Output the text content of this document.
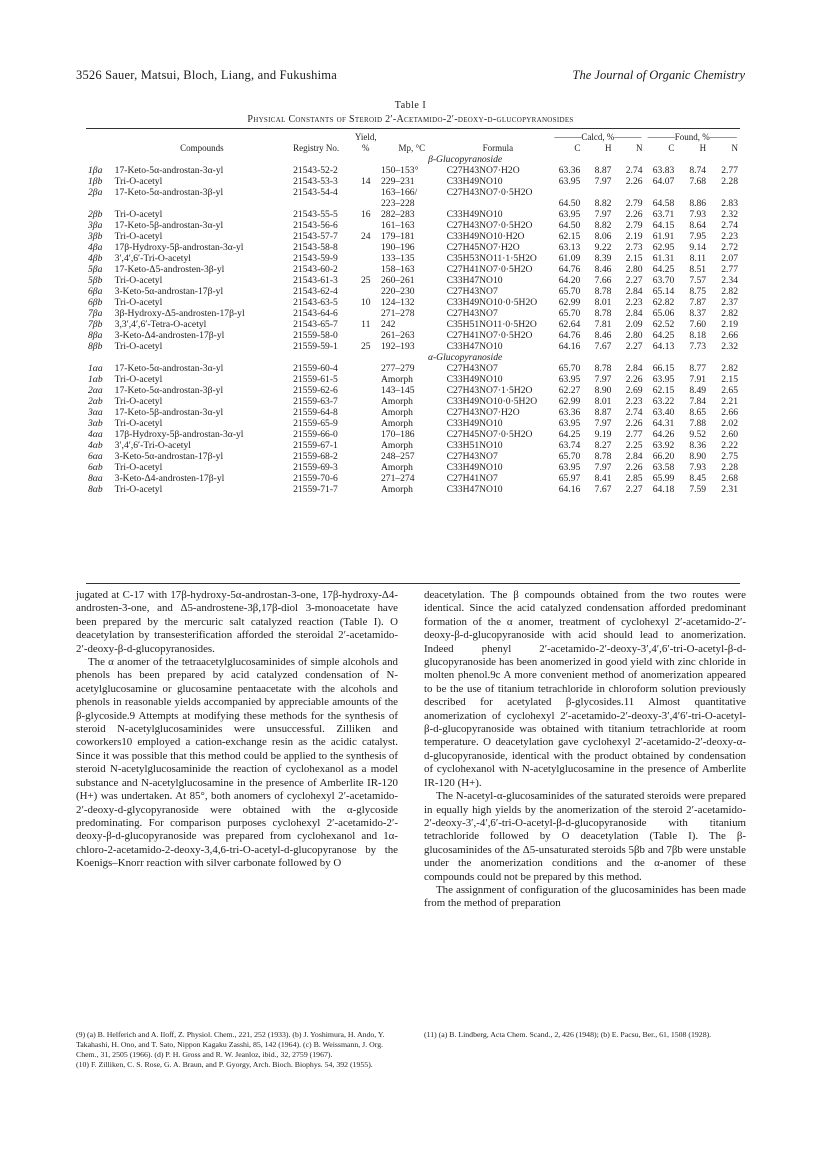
3526 Sauer, Matsui, Bloch, Liang, and Fukushima	The Journal of Organic Chemistry
Table I
Physical Constants of Steroid 2′-Acetamido-2′-deoxy-d-glucopyranosides
			Yield,			———Calcd, %———			———Found, %———		
	Compounds	Registry No.	%	Mp, °C	Formula	C	H	N	C	H	N
				β-Glucopyranoside							
1βa	17-Keto-5α-androstan-3α-yl	21543-52-2		150–153°	C27H43NO7·H2O	63.36	8.87	2.74	63.83	8.74	2.77
1βb	Tri-O-acetyl	21543-53-3	14	229–231	C33H49NO10	63.95	7.97	2.26	64.07	7.68	2.28
2βa	17-Keto-5α-androstan-3β-yl	21543-54-4		163–166/	C27H43NO7·0·5H2O						
				223–228		64.50	8.82	2.79	64.58	8.86	2.83
2βb	Tri-O-acetyl	21543-55-5	16	282–283	C33H49NO10	63.95	7.97	2.26	63.71	7.93	2.32
3βa	17-Keto-5β-androstan-3α-yl	21543-56-6		161–163	C27H43NO7·0·5H2O	64.50	8.82	2.79	64.15	8.64	2.74
3βb	Tri-O-acetyl	21543-57-7	24	179–181	C33H49NO10·H2O	62.15	8.06	2.19	61.91	7.95	2.23
4βa	17β-Hydroxy-5β-androstan-3α-yl	21543-58-8		190–196	C27H45NO7·H2O	63.13	9.22	2.73	62.95	9.14	2.72
4βb	3′,4′,6′-Tri-O-acetyl	21543-59-9		133–135	C35H53NO11·1·5H2O	61.09	8.39	2.15	61.31	8.11	2.07
5βa	17-Keto-Δ5-androsten-3β-yl	21543-60-2		158–163	C27H41NO7·0·5H2O	64.76	8.46	2.80	64.25	8.51	2.77
5βb	Tri-O-acetyl	21543-61-3	25	260–261	C33H47NO10	64.20	7.66	2.27	63.70	7.57	2.34
6βa	3-Keto-5α-androstan-17β-yl	21543-62-4		220–230	C27H43NO7	65.70	8.78	2.84	65.14	8.75	2.82
6βb	Tri-O-acetyl	21543-63-5	10	124–132	C33H49NO10·0·5H2O	62.99	8.01	2.23	62.82	7.87	2.37
7βa	3β-Hydroxy-Δ5-androsten-17β-yl	21543-64-6		271–278	C27H43NO7	65.70	8.78	2.84	65.06	8.37	2.82
7βb	3,3′,4′,6′-Tetra-O-acetyl	21543-65-7	11	242	C35H51NO11·0·5H2O	62.64	7.81	2.09	62.52	7.60	2.19
8βa	3-Keto-Δ4-androsten-17β-yl	21559-58-0		261–263	C27H41NO7·0·5H2O	64.76	8.46	2.80	64.25	8.18	2.66
8βb	Tri-O-acetyl	21559-59-1	25	192–193	C33H47NO10	64.16	7.67	2.27	64.13	7.73	2.32
				α-Glucopyranoside							
1αa	17-Keto-5α-androstan-3α-yl	21559-60-4		277–279	C27H43NO7	65.70	8.78	2.84	66.15	8.77	2.82
1αb	Tri-O-acetyl	21559-61-5		Amorph	C33H49NO10	63.95	7.97	2.26	63.95	7.91	2.15
2αa	17-Keto-5α-androstan-3β-yl	21559-62-6		143–145	C27H43NO7·1·5H2O	62.27	8.90	2.69	62.15	8.49	2.65
2αb	Tri-O-acetyl	21559-63-7		Amorph	C33H49NO10·0·5H2O	62.99	8.01	2.23	63.22	7.84	2.21
3αa	17-Keto-5β-androstan-3α-yl	21559-64-8		Amorph	C27H43NO7·H2O	63.36	8.87	2.74	63.40	8.65	2.66
3αb	Tri-O-acetyl	21559-65-9		Amorph	C33H49NO10	63.95	7.97	2.26	64.31	7.88	2.02
4αa	17β-Hydroxy-5β-androstan-3α-yl	21559-66-0		170–186	C27H45NO7·0·5H2O	64.25	9.19	2.77	64.26	9.52	2.60
4αb	3′,4′,6′-Tri-O-acetyl	21559-67-1		Amorph	C33H51NO10	63.74	8.27	2.25	63.92	8.36	2.22
6αa	3-Keto-5α-androstan-17β-yl	21559-68-2		248–257	C27H43NO7	65.70	8.78	2.84	66.20	8.90	2.75
6αb	Tri-O-acetyl	21559-69-3		Amorph	C33H49NO10	63.95	7.97	2.26	63.58	7.93	2.28
8αa	3-Keto-Δ4-androsten-17β-yl	21559-70-6		271–274	C27H41NO7	65.97	8.41	2.85	65.99	8.45	2.68
8αb	Tri-O-acetyl	21559-71-7		Amorph	C33H47NO10	64.16	7.67	2.27	64.18	7.59	2.31

jugated at C-17 with 17β-hydroxy-5α-androstan-3-one, 17β-hydroxy-Δ4-androsten-3-one, and Δ5-androstene-3β,17β-diol 3-monoacetate have been prepared by the mercuric salt catalyzed reaction (Table I). O deacetylation by transesterification afforded the steroidal 2′-acetamido-2′-deoxy-β-d-glucopyranosides.

The α anomer of the tetraacetylglucosaminides of simple alcohols and phenols has been prepared by acid catalyzed condensation of N-acetylglucosamine or glucosamine pentaacetate with the alcohols and phenols in reasonable yields accompanied by appreciable amounts of the β-glycoside.9 Attempts at modifying these methods for the synthesis of steroid N-acetylglucosaminides were unsuccessful. Zilliken and coworkers10 employed a cation-exchange resin as the acidic catalyst. Since it was possible that this method could be applied to the synthesis of steroid N-acetylglucosaminide the reaction of cyclohexanol as a model substance and N-acetylglucosamine in the presence of Amberlite IR-120 (H+) was undertaken. At 85°, both anomers of cyclohexyl 2′-acetamido-2′-deoxy-d-glycopyranoside were obtained with the α-glycoside predominating. For comparison purposes cyclohexyl 2′-acetamido-2′-deoxy-β-d-glucopyranoside was prepared from cyclohexanol and 1α-chloro-2-acetamido-2-deoxy-3,4,6-tri-O-acetyl-d-glucopyranose by the Koenigs–Knorr reaction with silver carbonate followed by O

deacetylation. The β compounds obtained from the two routes were identical. Since the acid catalyzed condensation afforded predominant formation of the α anomer, treatment of cyclohexyl 2′-acetamido-2′-deoxy-β-d-glucopyranoside with acid should lead to anomerization. Indeed phenyl 2′-acetamido-2′-deoxy-3′,4′,6′-tri-O-acetyl-β-d-glucopyranoside has been anomerized in good yield with zinc chloride in molten phenol.9c A more convenient method of anomerization appeared to be the use of titanium tetrachloride in chloroform solution previously described for acetylated β-glycosides.11 Almost quantitative anomerization of cyclohexyl 2′-acetamido-2′-deoxy-3′,4′6′-tri-O-acetyl-β-d-glucopyranoside was obtained with titanium tetrachloride at room temperature. O deacetylation gave cyclohexyl 2′-acetamido-2′-deoxy-α-d-glucopyranoside, identical with the product obtained by condensation of cyclohexanol with N-acetylglucosamine in the presence of Amberlite IR-120 (H+).

The N-acetyl-α-glucosaminides of the saturated steroids were prepared in equally high yields by the anomerization of the steroid 2′-acetamido-2′-deoxy-3′,-4′,6′-tri-O-acetyl-β-d-glucopyranoside with titanium tetrachloride followed by O deacetylation (Table I). The β-glucosaminides of the Δ5-unsaturated steroids 5βb and 7βb were unstable under the anomerization conditions and the α-anomer of these compounds could not be prepared by this method.

The assignment of configuration of the glucosaminides has been made from the method of preparation

(9) (a) B. Helferich and A. Iloff, Z. Physiol. Chem., 221, 252 (1933). (b) J. Yoshimura, H. Ando, Y. Takahashi, H. Ono, and T. Sato, Nippon Kagaku Zasshi, 85, 142 (1964). (c) B. Weissmann, J. Org. Chem., 31, 2505 (1966). (d) P. H. Gross and R. W. Jeanloz, ibid., 32, 2759 (1967).
(10) F. Zilliken, C. S. Rose, G. A. Braun, and P. Gyorgy, Arch. Bioch. Biophys. 54, 392 (1955).
(11) (a) B. Lindberg, Acta Chem. Scand., 2, 426 (1948); (b) E. Pacsu, Ber., 61, 1508 (1928).
